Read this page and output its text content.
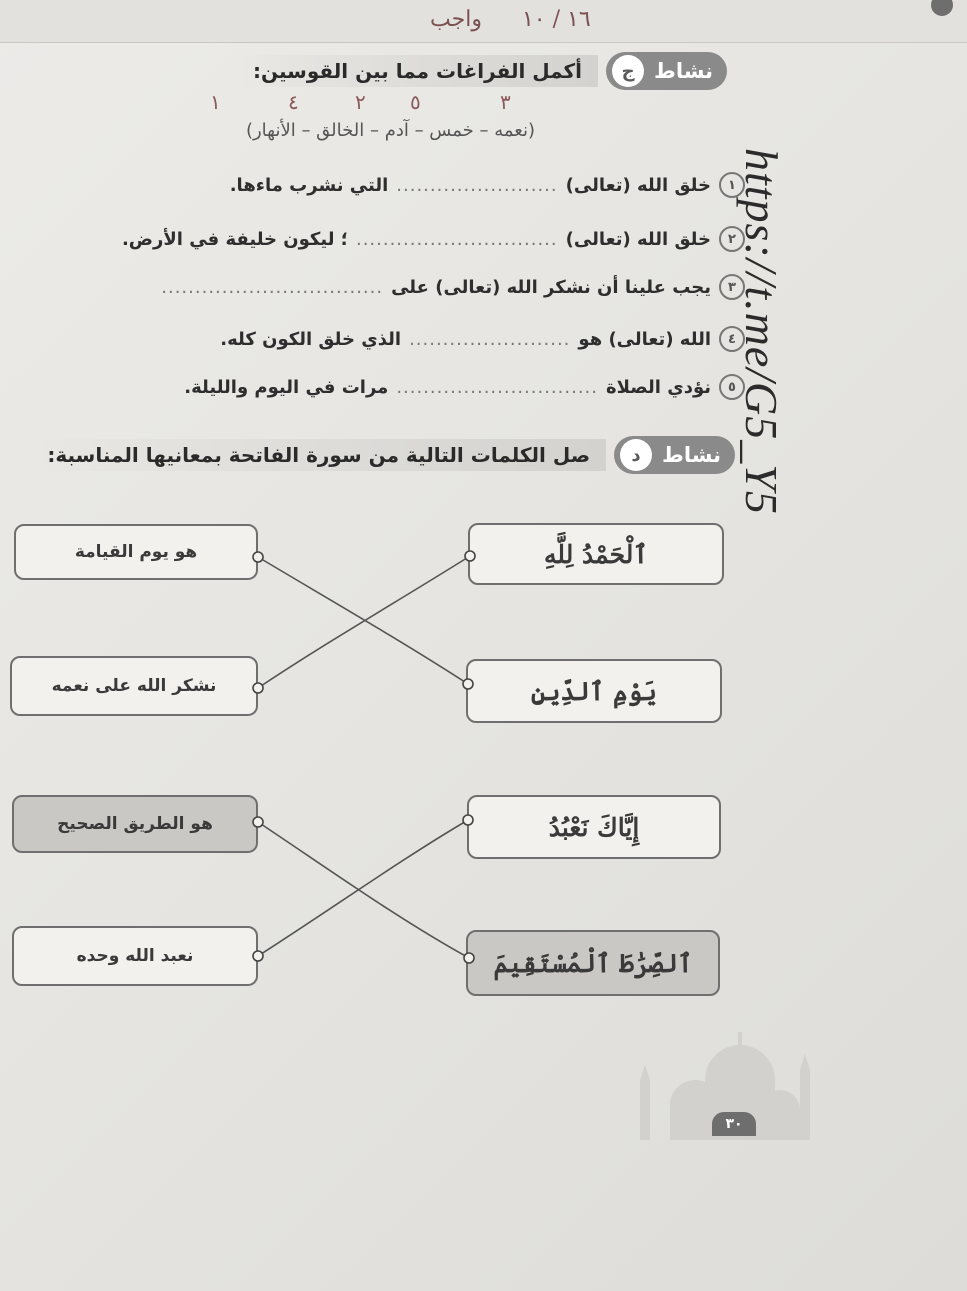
١٦ / ١٠
واجب
نشاط
ج
أكمل الفراغات مما بين القوسين:
١	٤	٢ ٥	٣
(نعمه – خمس – آدم – الخالق – الأنهار)
١
خلق الله (تعالى)
........................
التي نشرب ماءها.
٢
خلق الله (تعالى)
..............................
؛ ليكون خليفة في الأرض.
٣
يجب علينا أن نشكر الله (تعالى) على
.................................
٤
الله (تعالى) هو
........................
الذي خلق الكون كله.
٥
نؤدي الصلاة
..............................
مرات في اليوم والليلة.	https://t.me/G5_Y5
نشاط
د
صل الكلمات التالية من سورة الفاتحة بمعانيها المناسبة:
هو يوم القيامة
نشكر الله على نعمه
هو الطريق الصحيح
نعبد الله وحده
ٱلْحَمْدُ لِلَّهِ
يَوْمِ ٱلدِّينِ
إِيَّاكَ نَعْبُدُ
ٱلصِّرَٰطَ ٱلْمُسْتَقِيمَ
٣٠
